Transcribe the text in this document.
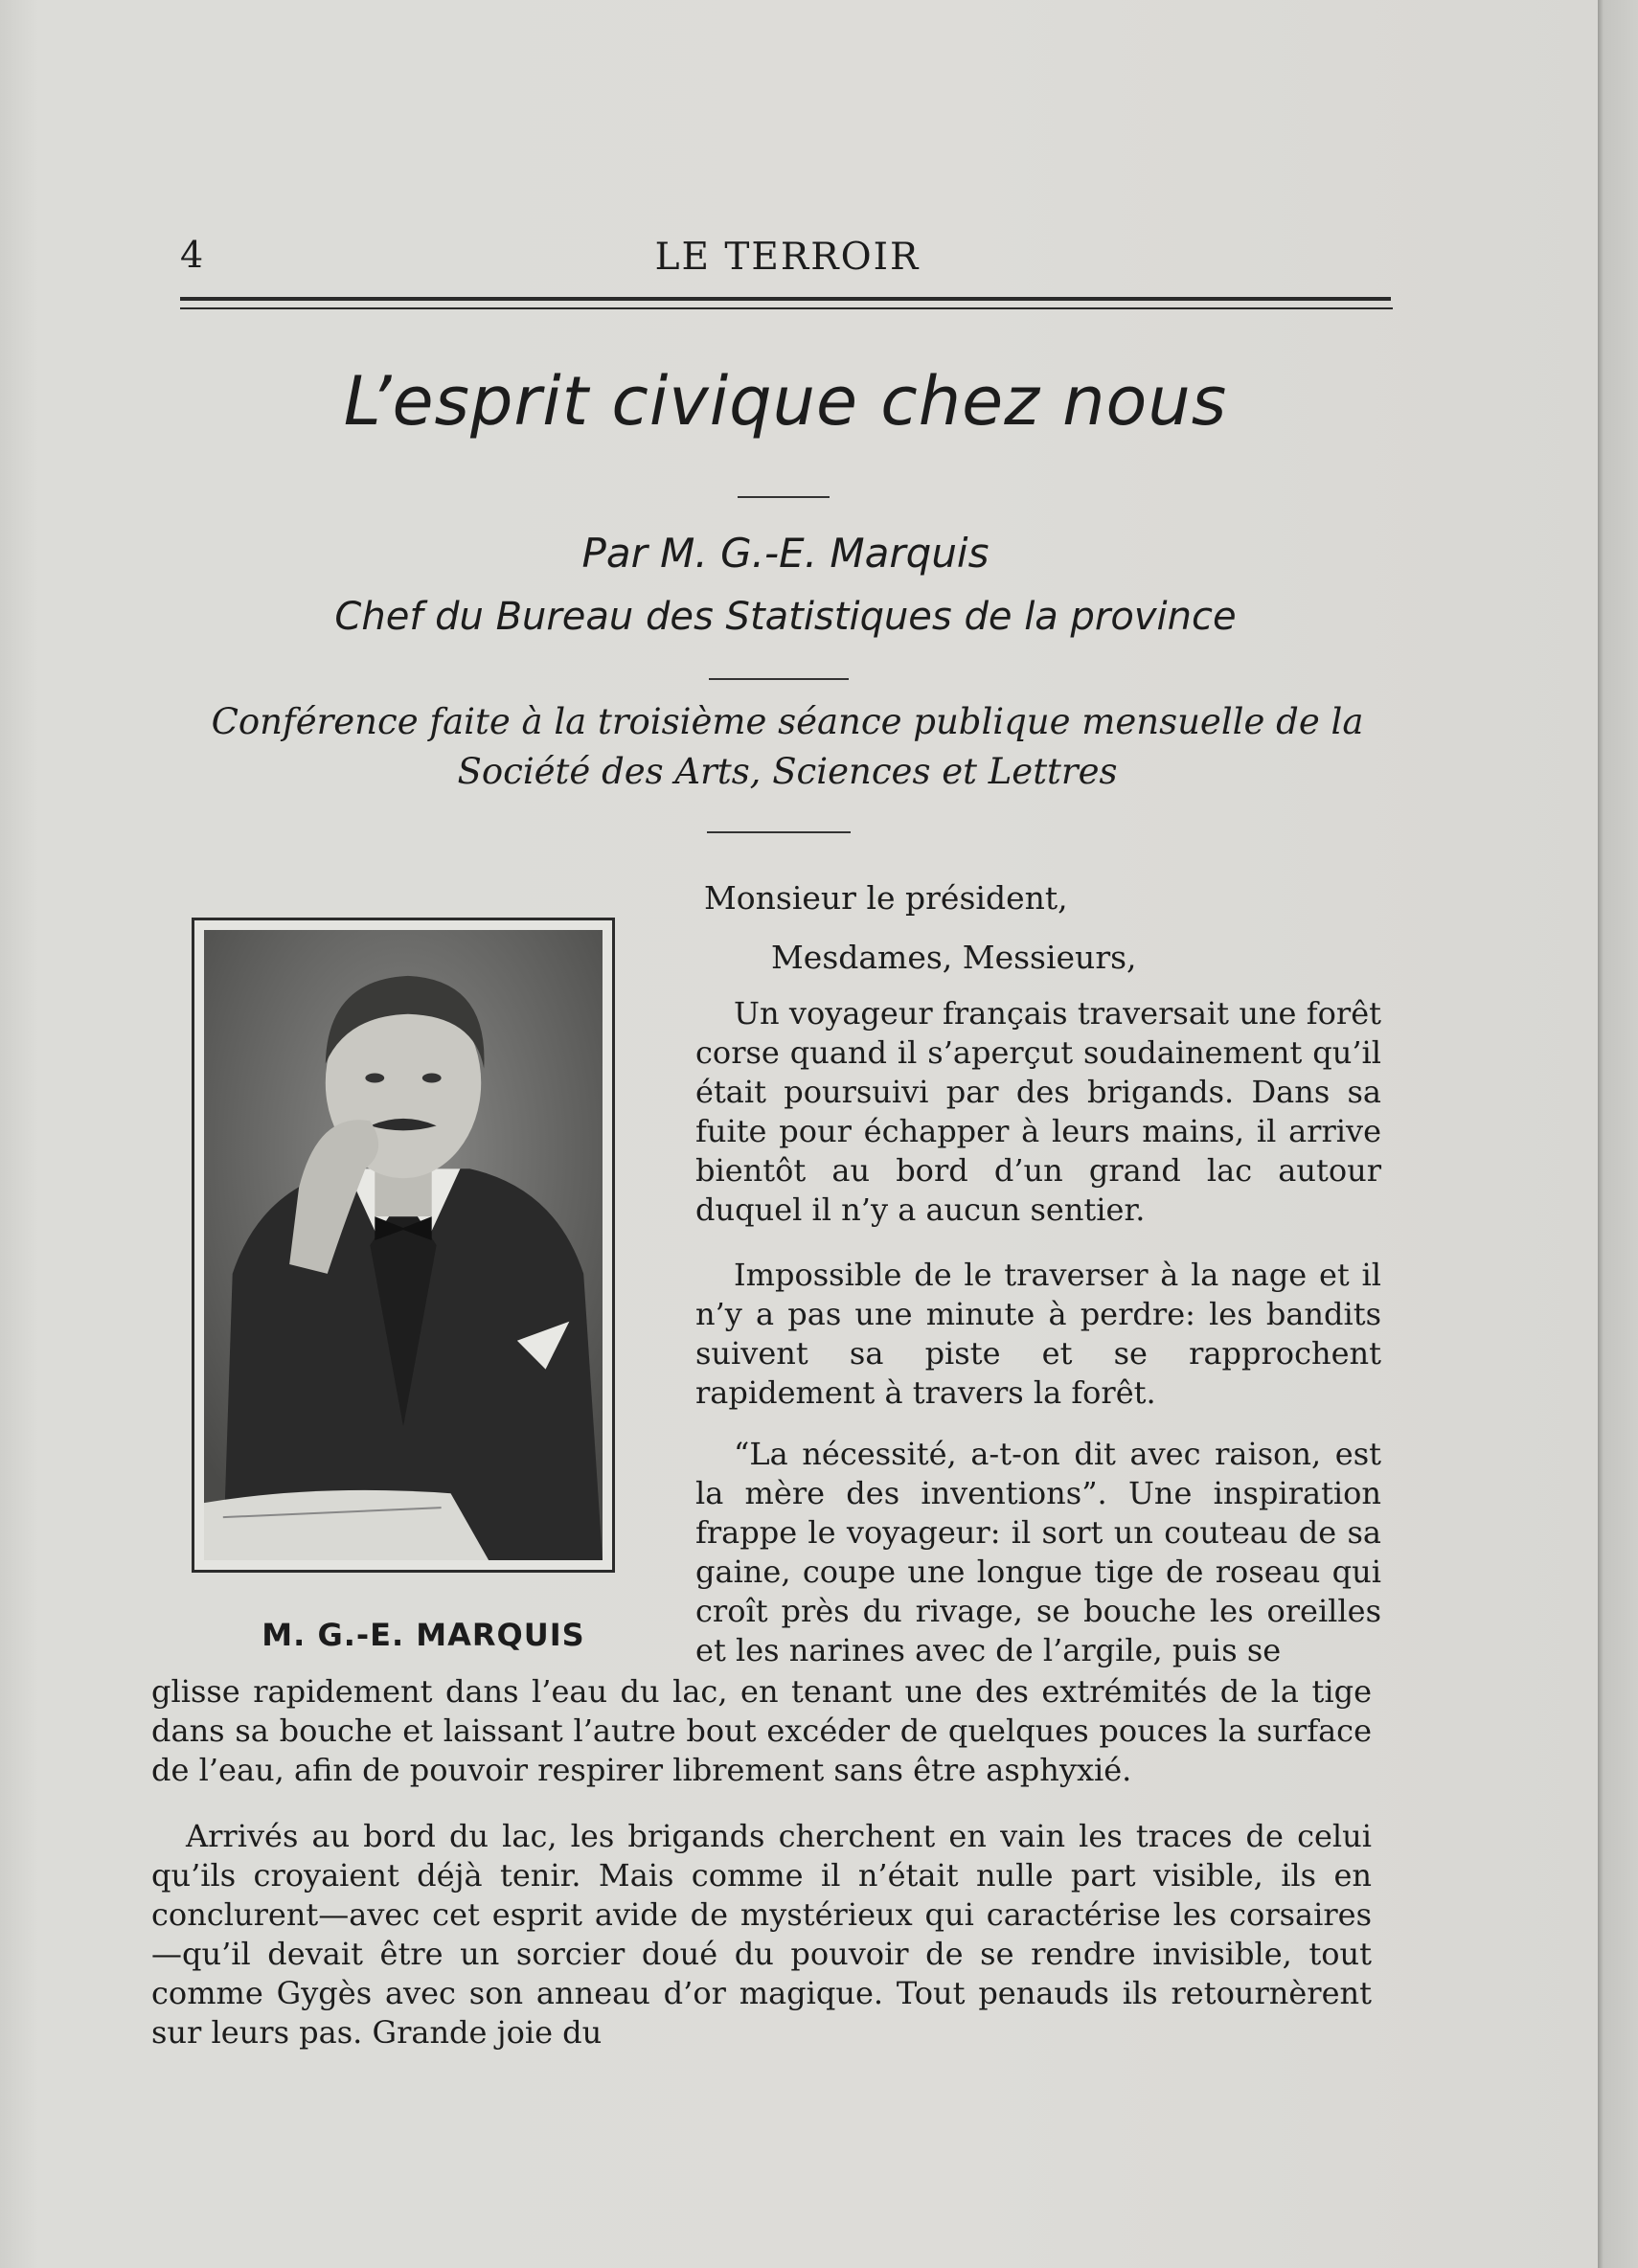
4	LE TERROIR
L’esprit civique chez nous
Par M. G.-E. Marquis
Chef du Bureau des Statistiques de la province
Conférence faite à la troisième séance publique mensuelle de la
Société des Arts, Sciences et Lettres
M. G.-E. MARQUIS
Monsieur le président,
Mesdames, Messieurs,

Un voyageur français traversait une forêt corse quand il s’aperçut soudainement qu’il était poursuivi par des brigands. Dans sa fuite pour échapper à leurs mains, il arrive bientôt au bord d’un grand lac autour duquel il n’y a aucun sentier.

Impossible de le traverser à la nage et il n’y a pas une minute à perdre: les bandits suivent sa piste et se rapprochent rapidement à travers la forêt.

“La nécessité, a-t-on dit avec raison, est la mère des inventions”. Une inspiration frappe le voyageur: il sort un couteau de sa gaine, coupe une longue tige de roseau qui croît près du rivage, se bouche les oreilles et les narines avec de l’argile, puis se

glisse rapidement dans l’eau du lac, en tenant une des extrémités de la tige dans sa bouche et laissant l’autre bout excéder de quelques pouces la surface de l’eau, afin de pouvoir respirer librement sans être asphyxié.
Arrivés au bord du lac, les brigands cherchent en vain les traces de celui qu’ils croyaient déjà tenir. Mais comme il n’était nulle part visible, ils en conclurent—avec cet esprit avide de mystérieux qui caractérise les corsaires—qu’il devait être un sorcier doué du pouvoir de se rendre invisible, tout comme Gygès avec son anneau d’or magique. Tout penauds ils retournèrent sur leurs pas. Grande joie du
